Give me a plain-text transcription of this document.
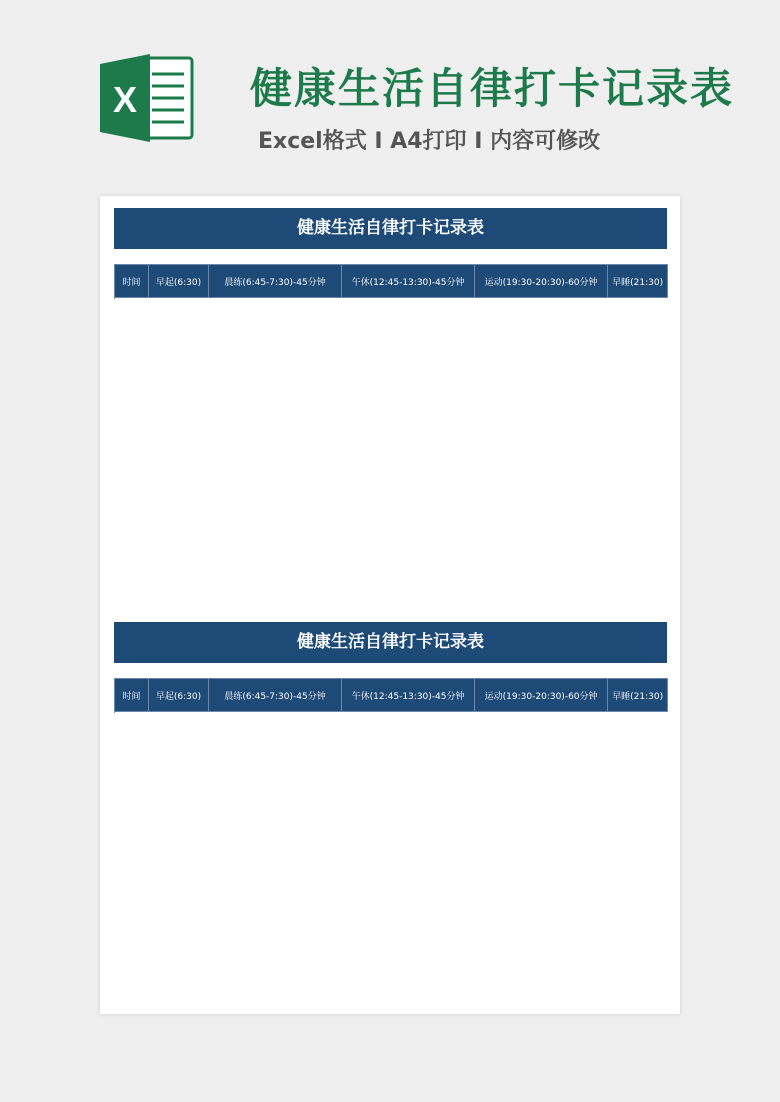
X	健康生活自律打卡记录表
Excel格式 Ⅰ A4打印 Ⅰ 内容可修改
健康生活自律打卡记录表
时间	早起(6:30)	晨练(6:45-7:30)-45分钟	午休(12:45-13:30)-45分钟	运动(19:30-20:30)-60分钟	早睡(21:30)

健康生活自律打卡记录表
时间	早起(6:30)	晨练(6:45-7:30)-45分钟	午休(12:45-13:30)-45分钟	运动(19:30-20:30)-60分钟	早睡(21:30)
